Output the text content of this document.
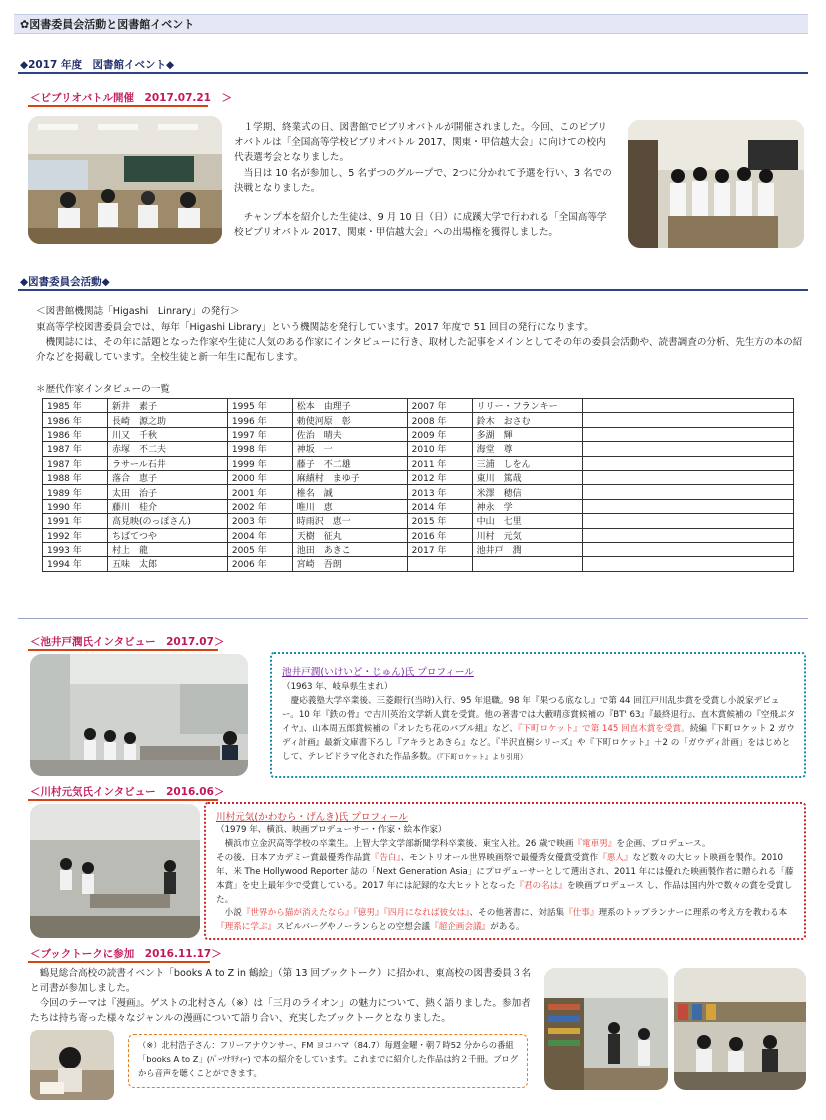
✿図書委員会活動と図書館イベント
◆2017 年度　図書館イベント◆
＜ビブリオバトル開催　2017.07.21　＞
１学期、終業式の日、図書館でビブリオバトルが開催されました。今回、このビブリオバトルは「全国高等学校ビブリオバトル 2017、関東・甲信越大会」に向けての校内代表選考会となりました。
当日は 10 名が参加し、5 名ずつのグループで、2つに分かれて予選を行い、3 名での決戦となりました。
チャンプ本を紹介した生徒は、9 月 10 日（日）に成蹊大学で行われる「全国高等学校ビブリオバトル 2017、関東・甲信越大会」への出場権を獲得しました。
◆図書委員会活動◆
＜図書館機関誌「Higashi　Linrary」の発行＞
東高等学校図書委員会では、毎年「Higashi Library」という機関誌を発行しています。2017 年度で 51 回目の発行になります。
機関誌には、その年に話題となった作家や生徒に人気のある作家にインタビューに行き、取材した記事をメインとしてその年の委員会活動や、読書調査の分析、先生方の本の紹介などを掲載しています。全校生徒と新一年生に配布します。
＊歴代作家インタビューの一覧
1985 年	新井　素子	1995 年	松本　由理子	2007 年	リリー・フランキー	
1986 年	長崎　源之助	1996 年	勅使河原　彰	2008 年	鈴木　おさむ	
1986 年	川又　千秋	1997 年	佐治　晴夫	2009 年	多湖　輝	
1987 年	赤塚　不二夫	1998 年	神坂　一	2010 年	海堂　尊	
1987 年	ラサール石井	1999 年	藤子　不二雄	2011 年	三浦　しをん	
1988 年	落合　恵子	2000 年	麻績村　まゆ子	2012 年	東川　篤哉	
1989 年	太田　治子	2001 年	椎名　誠	2013 年	米澤　穂信	
1990 年	藤川　桂介	2002 年	唯川　恵	2014 年	神永　学	
1991 年	高見映(のっぽさん)	2003 年	時雨沢　恵一	2015 年	中山　七里	
1992 年	ちばてつや	2004 年	天樹　征丸	2016 年	川村　元気	
1993 年	村上　龍	2005 年	池田　あきこ	2017 年	池井戸　潤	
1994 年	五味　太郎	2006 年	宮崎　吾朗			
＜池井戸潤氏インタビュー　2017.07＞
池井戸潤(いけいど・じゅん)氏 プロフィール
（1963 年、岐阜県生まれ）
慶応義塾大学卒業後、三菱銀行(当時)入行、95 年退職。98 年『果つる底なし』で第 44 回江戸川乱歩賞を受賞し小説家デビュー。10 年『鉄の骨』で吉川英治文学新人賞を受賞。他の著書では大藪晴彦賞候補の『BT' 63』『最終退行』、直木賞候補の『空飛ぶタイヤ』、山本周五郎賞候補の『オレたち花のバブル組』など、『下町ロケット』で第 145 回直木賞を受賞。続編『下町ロケット 2 ガウディ計画』最新文庫書下ろし『アキラとあきら』など。『半沢直樹シリーズ』や『下町ロケット』＋2 の「ガウディ計画」をはじめとして、テレビドラマ化された作品多数。（『下町ロケット』より引用）
＜川村元気氏インタビュー　2016.06＞
川村元気(かわむら・げんき)氏 プロフィール
（1979 年、横浜、映画プロデューサー・作家・絵本作家）
横浜市立金沢高等学校の卒業生。上智大学文学部新聞学科卒業後、東宝入社。26 歳で映画『電車男』を企画、プロデュース。
その後、日本アカデミー賞最優秀作品賞『告白』、モントリオール世界映画祭で最優秀女優賞受賞作『悪人』など数々の大ヒット映画を製作。2010 年、米 The Hollywood Reporter 誌の「Next Generation Asia」にプロデューサーとして選出され、2011 年には優れた映画製作者に贈られる「藤本賞」を史上最年少で受賞している。2017 年には記録的な大ヒットとなった『君の名は』を映画プロデュース し、作品は国内外で数々の賞を受賞した。
小説『世界から猫が消えたなら』『億男』『四月になれば彼女は』、その他著書に、対話集『仕事』理系のトップランナーに理系の考え方を教わる本『理系に学ぶ』スピルバーグやノーランらとの空想会議『超企画会議』がある。
＜ブックトークに参加　2016.11.17＞
鶴見総合高校の読書イベント「books A to Z in 鶴絵」（第 13 回ブックトーク）に招かれ、東高校の図書委員３名と司書が参加しました。
今回のテーマは『漫画』。ゲストの北村さん（※）は「三月のライオン」の魅力について、熱く語りました。参加者たちは持ち寄った様々なジャンルの漫画について語り合い、充実したブックトークとなりました。
（※）北村浩子さん：フリーアナウンサー、FM ヨコハマ（84.7）毎週金曜・朝７時52 分からの番組「books A to Z」(ﾊﾟｰｿﾅﾘﾃｨｰ) で本の紹介をしています。これまでに紹介した作品は約２千冊。ブログから音声を聴くことができます。
